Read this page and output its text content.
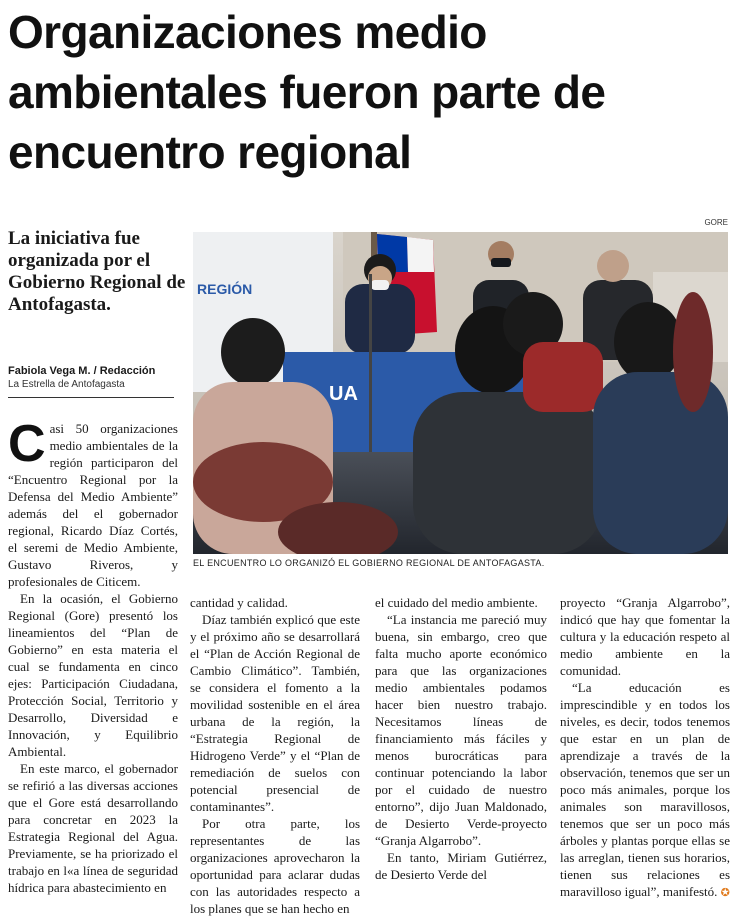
Organizaciones medio ambientales fueron parte de encuentro regional
La iniciativa fue organizada por el Gobierno Regional de Antofagasta.
Fabiola Vega M. / Redacción
La Estrella de Antofagasta
GORE
REGIÓN
UA
EL ENCUENTRO LO ORGANIZÓ EL GOBIERNO REGIONAL DE ANTOFAGASTA.

Casi 50 organizaciones medio ambientales de la región participaron del “Encuentro Regional por la Defensa del Medio Ambiente” además del el gobernador regional, Ricardo Díaz Cortés, el seremi de Medio Ambiente, Gustavo Riveros, y profesionales de Citicem.

En la ocasión, el Gobierno Regional (Gore) presentó los lineamientos del “Plan de Gobierno” en esta materia el cual se fundamenta en cinco ejes: Participación Ciudadana, Protección Social, Territorio y Desarrollo, Diversidad e Innovación, y Equilibrio Ambiental.

En este marco, el gobernador se refirió a las diversas acciones que el Gore está desarrollando para concretar en 2023 la Estrategia Regional del Agua. Previamente, se ha priorizado el trabajo en l«a línea de seguridad hídrica para abastecimiento en

cantidad y calidad.

Díaz también explicó que este y el próximo año se desarrollará el “Plan de Acción Regional de Cambio Climático”. También, se considera el fomento a la movilidad sostenible en el área urbana de la región, la “Estrategia Regional de Hidrogeno Verde” y el “Plan de remediación de suelos con potencial presencial de contaminantes”.

Por otra parte, los representantes de las organizaciones aprovecharon la oportunidad para aclarar dudas con las autoridades respecto a los planes que se han hecho en

el cuidado del medio ambiente.

“La instancia me pareció muy buena, sin embargo, creo que falta mucho aporte económico para que las organizaciones medio ambientales podamos hacer bien nuestro trabajo. Necesitamos líneas de financiamiento más fáciles y menos burocráticas para continuar potenciando la labor por el cuidado de nuestro entorno”, dijo Juan Maldonado, de Desierto Verde-proyecto “Granja Algarrobo”.

En tanto, Miriam Gutiérrez, de Desierto Verde del

proyecto “Granja Algarrobo”, indicó que hay que fomentar la cultura y la educación respeto al medio ambiente en la comunidad.

“La educación es imprescindible y en todos los niveles, es decir, todos tenemos que estar en un plan de aprendizaje a través de la observación, tenemos que ser un poco más animales, porque los animales son maravillosos, tenemos que ser un poco más árboles y plantas porque ellas se las arreglan, tienen sus horarios, tienen sus relaciones es maravilloso igual”, manifestó. ✪
